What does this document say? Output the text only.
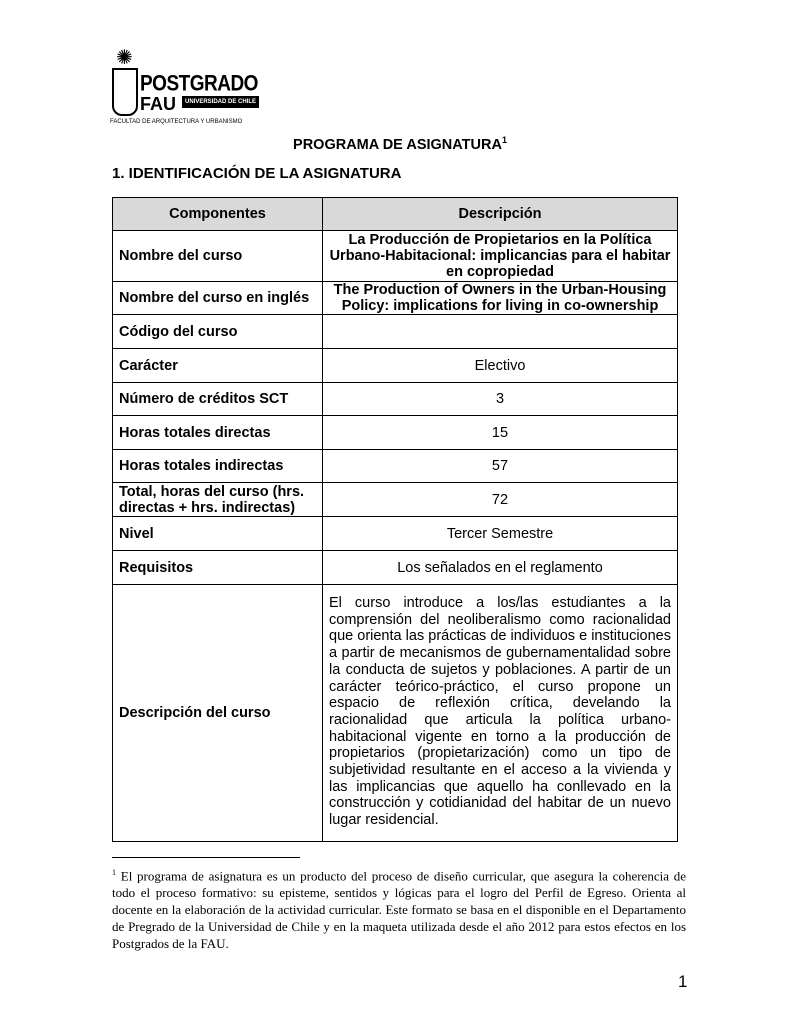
✺
POSTGRADO
FAU	UNIVERSIDAD DE CHILE
FACULTAD DE ARQUITECTURA Y URBANISMO
PROGRAMA DE ASIGNATURA$^1$
1. IDENTIFICACIÓN DE LA ASIGNATURA
Componentes	Descripción
Nombre del curso	La Producción de Propietarios en la Política Urbano-Habitacional: implicancias para el habitar en copropiedad
Nombre del curso en inglés	The Production of Owners in the Urban-Housing Policy: implications for living in co-ownership
Código del curso	
Carácter	Electivo
Número de créditos SCT	3
Horas totales directas	15
Horas totales indirectas	57
Total, horas del curso (hrs. directas + hrs. indirectas)	72
Nivel	Tercer Semestre
Requisitos	Los señalados en el reglamento
Descripción del curso	El curso introduce a los/las estudiantes a la comprensión del neoliberalismo como racionalidad que orienta las prácticas de individuos e instituciones a partir de mecanismos de gubernamentalidad sobre la conducta de sujetos y poblaciones. A partir de un carácter teórico-práctico, el curso propone un espacio de reflexión crítica, develando la racionalidad que articula la política urbano-habitacional vigente en torno a la producción de propietarios (propietarización) como un tipo de subjetividad resultante en el acceso a la vivienda y las implicancias que aquello ha conllevado en la construcción y cotidianidad del habitar de un nuevo lugar residencial.
$^1$ El programa de asignatura es un producto del proceso de diseño curricular, que asegura la coherencia de todo el proceso formativo: su episteme, sentidos y lógicas para el logro del Perfil de Egreso. Orienta al docente en la elaboración de la actividad curricular. Este formato se basa en el disponible en el Departamento de Pregrado de la Universidad de Chile y en la maqueta utilizada desde el año 2012 para estos efectos en los Postgrados de la FAU.
1
